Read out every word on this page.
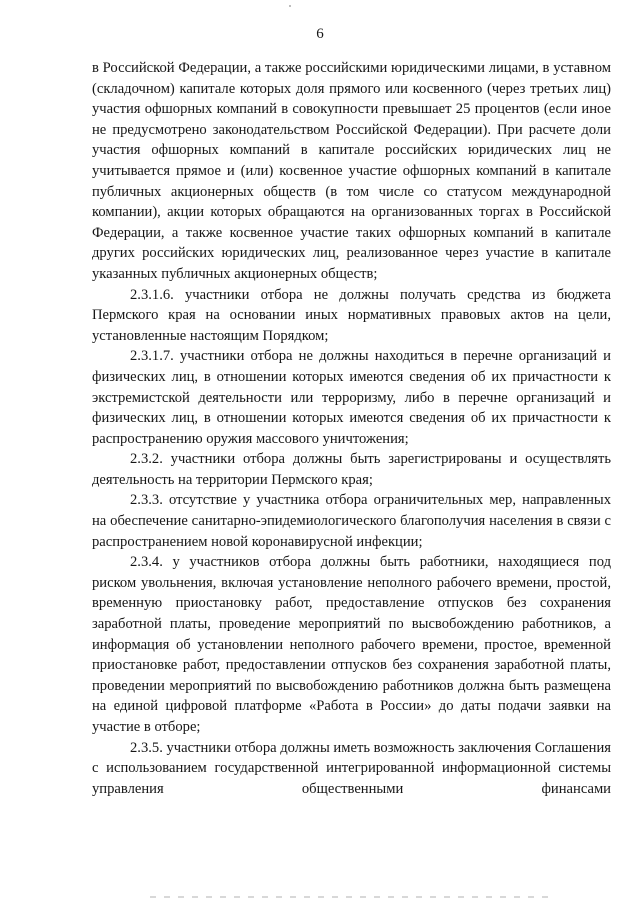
6

в Российской Федерации, а также российскими юридическими лицами, в уставном (складочном) капитале которых доля прямого или косвенного (через третьих лиц) участия офшорных компаний в совокупности превышает 25 процентов (если иное не предусмотрено законодательством Российской Федерации). При расчете доли участия офшорных компаний в капитале российских юридических лиц не учитывается прямое и (или) косвенное участие офшорных компаний в капитале публичных акционерных обществ (в том числе со статусом международной компании), акции которых обращаются на организованных торгах в Российской Федерации, а также косвенное участие таких офшорных компаний в капитале других российских юридических лиц, реализованное через участие в капитале указанных публичных акционерных обществ;

2.3.1.6. участники отбора не должны получать средства из бюджета Пермского края на основании иных нормативных правовых актов на цели, установленные настоящим Порядком;

2.3.1.7. участники отбора не должны находиться в перечне организаций и физических лиц, в отношении которых имеются сведения об их причастности к экстремистской деятельности или терроризму, либо в перечне организаций и физических лиц, в отношении которых имеются сведения об их причастности к распространению оружия массового уничтожения;

2.3.2. участники отбора должны быть зарегистрированы и осуществлять деятельность на территории Пермского края;

2.3.3. отсутствие у участника отбора ограничительных мер, направленных на обеспечение санитарно-эпидемиологического благополучия населения в связи с распространением новой коронавирусной инфекции;

2.3.4. у участников отбора должны быть работники, находящиеся под риском увольнения, включая установление неполного рабочего времени, простой, временную приостановку работ, предоставление отпусков без сохранения заработной платы, проведение мероприятий по высвобождению работников, а информация об установлении неполного рабочего времени, простое, временной приостановке работ, предоставлении отпусков без сохранения заработной платы, проведении мероприятий по высвобождению работников должна быть размещена на единой цифровой платформе «Работа в России» до даты подачи заявки на участие в отборе;

2.3.5. участники отбора должны иметь возможность заключения Соглашения с использованием государственной интегрированной информационной системы управления общественными финансами
